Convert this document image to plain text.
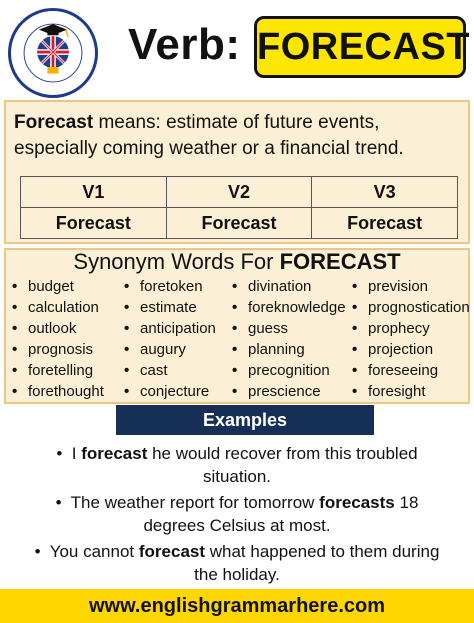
Verb: FORECAST
Forecast means: estimate of future events,
especially coming weather or a financial trend.
V1	V2	V3
Forecast	Forecast	Forecast
Synonym Words For FORECAST
• budget
• calculation
• outlook
• prognosis
• foretelling
• forethought
• foretoken
• estimate
• anticipation
• augury
• cast
• conjecture
• divination
• foreknowledge
• guess
• planning
• precognition
• prescience
• prevision
• prognostication
• prophecy
• projection
• foreseeing
• foresight
Examples
•  I forecast he would recover from this troubled
situation.
•  The weather report for tomorrow forecasts 18
degrees Celsius at most.
•  You cannot forecast what happened to them during
the holiday.
www.englishgrammarhere.com
